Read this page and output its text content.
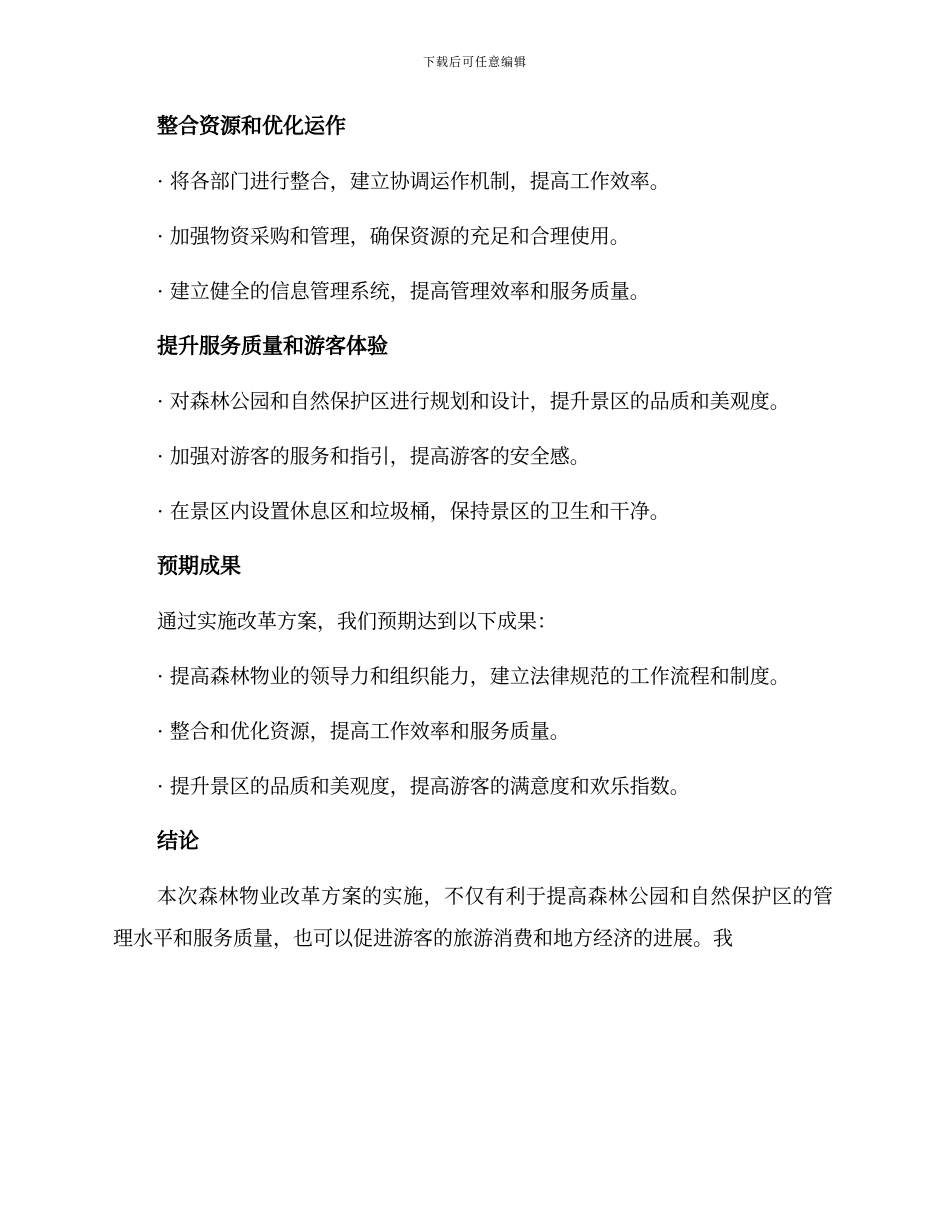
下载后可任意编辑
整合资源和优化运作

· 将各部门进行整合，建立协调运作机制，提高工作效率。

· 加强物资采购和管理，确保资源的充足和合理使用。

· 建立健全的信息管理系统，提高管理效率和服务质量。

提升服务质量和游客体验

· 对森林公园和自然保护区进行规划和设计，提升景区的品质和美观度。

· 加强对游客的服务和指引，提高游客的安全感。

· 在景区内设置休息区和垃圾桶，保持景区的卫生和干净。

预期成果

通过实施改革方案，我们预期达到以下成果：

· 提高森林物业的领导力和组织能力，建立法律规范的工作流程和制度。

· 整合和优化资源，提高工作效率和服务质量。

· 提升景区的品质和美观度，提高游客的满意度和欢乐指数。

结论

本次森林物业改革方案的实施，不仅有利于提高森林公园和自然保护区的管理水平和服务质量，也可以促进游客的旅游消费和地方经济的进展。我
